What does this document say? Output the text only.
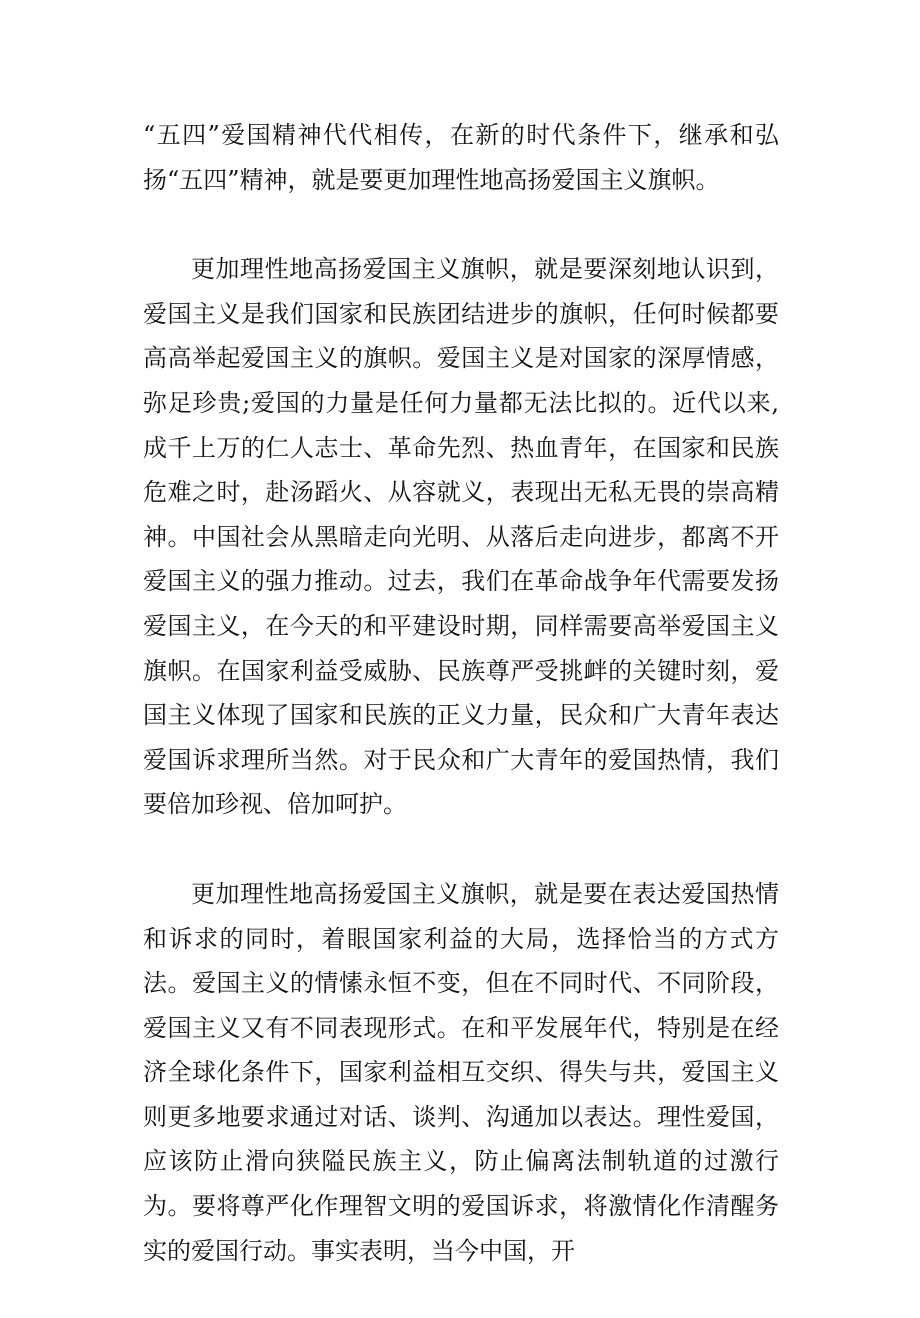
“五四”爱国精神代代相传，在新的时代条件下，继承和弘扬“五四”精神，就是要更加理性地高扬爱国主义旗帜。

更加理性地高扬爱国主义旗帜，就是要深刻地认识到，爱国主义是我们国家和民族团结进步的旗帜，任何时候都要高高举起爱国主义的旗帜。爱国主义是对国家的深厚情感，弥足珍贵;爱国的力量是任何力量都无法比拟的。近代以来,成千上万的仁人志士、革命先烈、热血青年，在国家和民族危难之时，赴汤蹈火、从容就义，表现出无私无畏的崇高精神。中国社会从黑暗走向光明、从落后走向进步，都离不开爱国主义的强力推动。过去，我们在革命战争年代需要发扬爱国主义，在今天的和平建设时期，同样需要高举爱国主义旗帜。在国家利益受威胁、民族尊严受挑衅的关键时刻，爱国主义体现了国家和民族的正义力量，民众和广大青年表达爱国诉求理所当然。对于民众和广大青年的爱国热情，我们要倍加珍视、倍加呵护。

更加理性地高扬爱国主义旗帜，就是要在表达爱国热情和诉求的同时，着眼国家利益的大局，选择恰当的方式方法。爱国主义的情愫永恒不变，但在不同时代、不同阶段，爱国主义又有不同表现形式。在和平发展年代，特别是在经济全球化条件下，国家利益相互交织、得失与共，爱国主义则更多地要求通过对话、谈判、沟通加以表达。理性爱国，应该防止滑向狭隘民族主义，防止偏离法制轨道的过激行为。要将尊严化作理智文明的爱国诉求，将激情化作清醒务实的爱国行动。事实表明，当今中国，开
